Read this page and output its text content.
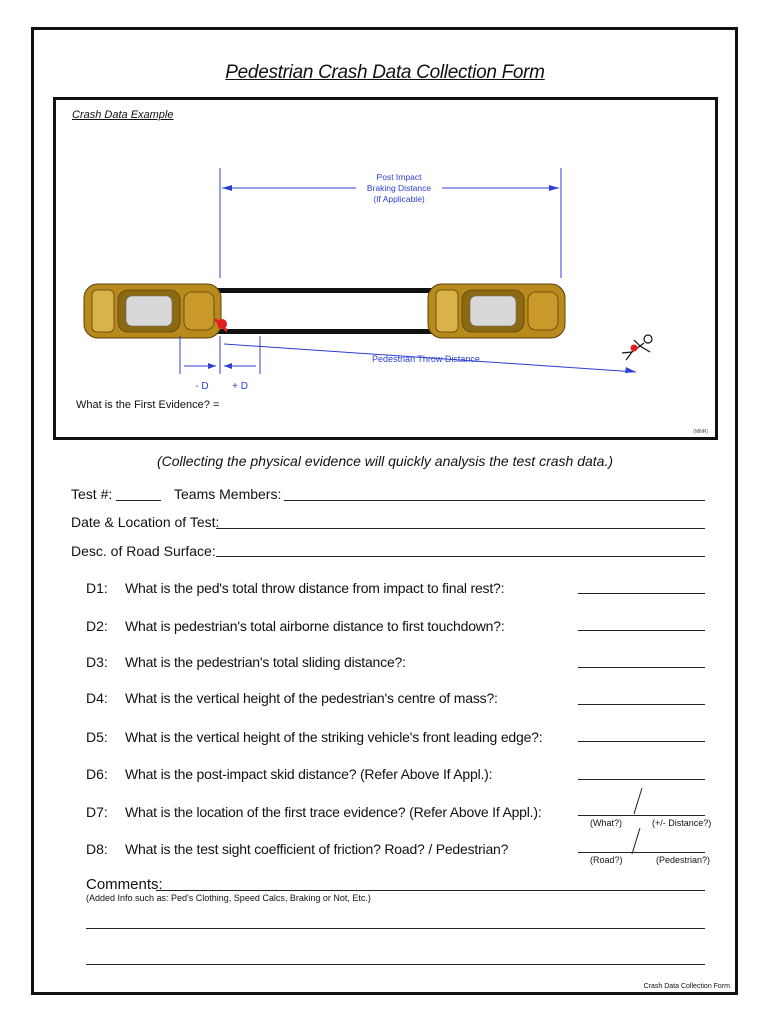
Pedestrian Crash Data Collection Form
Crash Data Example
Post Impact
Braking Distance
(If Applicable)
- D + D
Pedestrian Throw Distance
(MNR)
What is the First Evidence? =
(Collecting the physical evidence will quickly analysis the test crash data.)
Test #:	Teams Members:
Date & Location of Test:
Desc. of Road Surface:
D1: What is the ped's total throw distance from impact to final rest?:
D2: What is pedestrian's total airborne distance to first touchdown?:
D3: What is the pedestrian's total sliding distance?:
D4: What is the vertical height of the pedestrian's centre of mass?:
D5: What is the vertical height of the striking vehicle's front leading edge?:
D6: What is the post-impact skid distance? (Refer Above If Appl.):
D7: What is the location of the first trace evidence? (Refer Above If Appl.):
(What?)	(+/- Distance?)
D8: What is the test sight coefficient of friction? Road? / Pedestrian?
(Road?)	(Pedestrian?)
Comments:
(Added Info such as: Ped's Clothing, Speed Calcs, Braking or Not, Etc.)
Crash Data Collection Form
